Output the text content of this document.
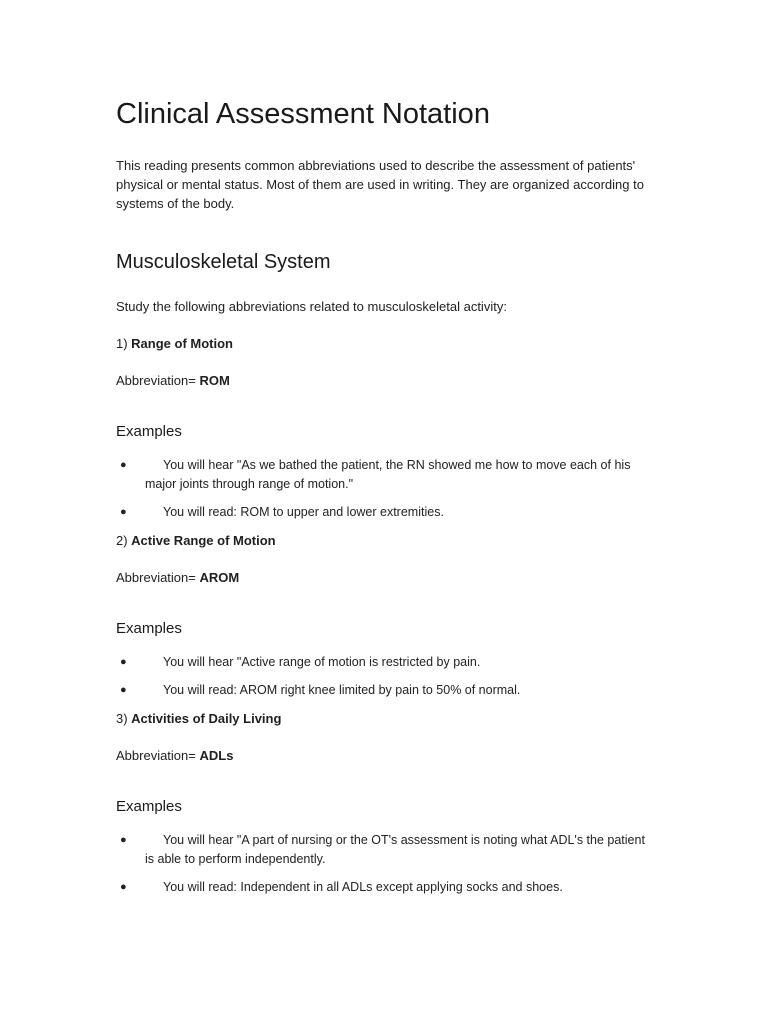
Clinical Assessment Notation

This reading presents common abbreviations used to describe the assessment of patients' physical or mental status. Most of them are used in writing. They are organized according to systems of the body.

Musculoskeletal System

Study the following abbreviations related to musculoskeletal activity:

1) Range of Motion
Abbreviation= ROM
Examples
●	You will hear "As we bathed the patient, the RN showed me how to move each of his major joints through range of motion."
●	You will read: ROM to upper and lower extremities.
2) Active Range of Motion
Abbreviation= AROM
Examples
●	You will hear "Active range of motion is restricted by pain.
●	You will read: AROM right knee limited by pain to 50% of normal.
3) Activities of Daily Living
Abbreviation= ADLs
Examples
●	You will hear "A part of nursing or the OT's assessment is noting what ADL's the patient is able to perform independently.
●	You will read: Independent in all ADLs except applying socks and shoes.
